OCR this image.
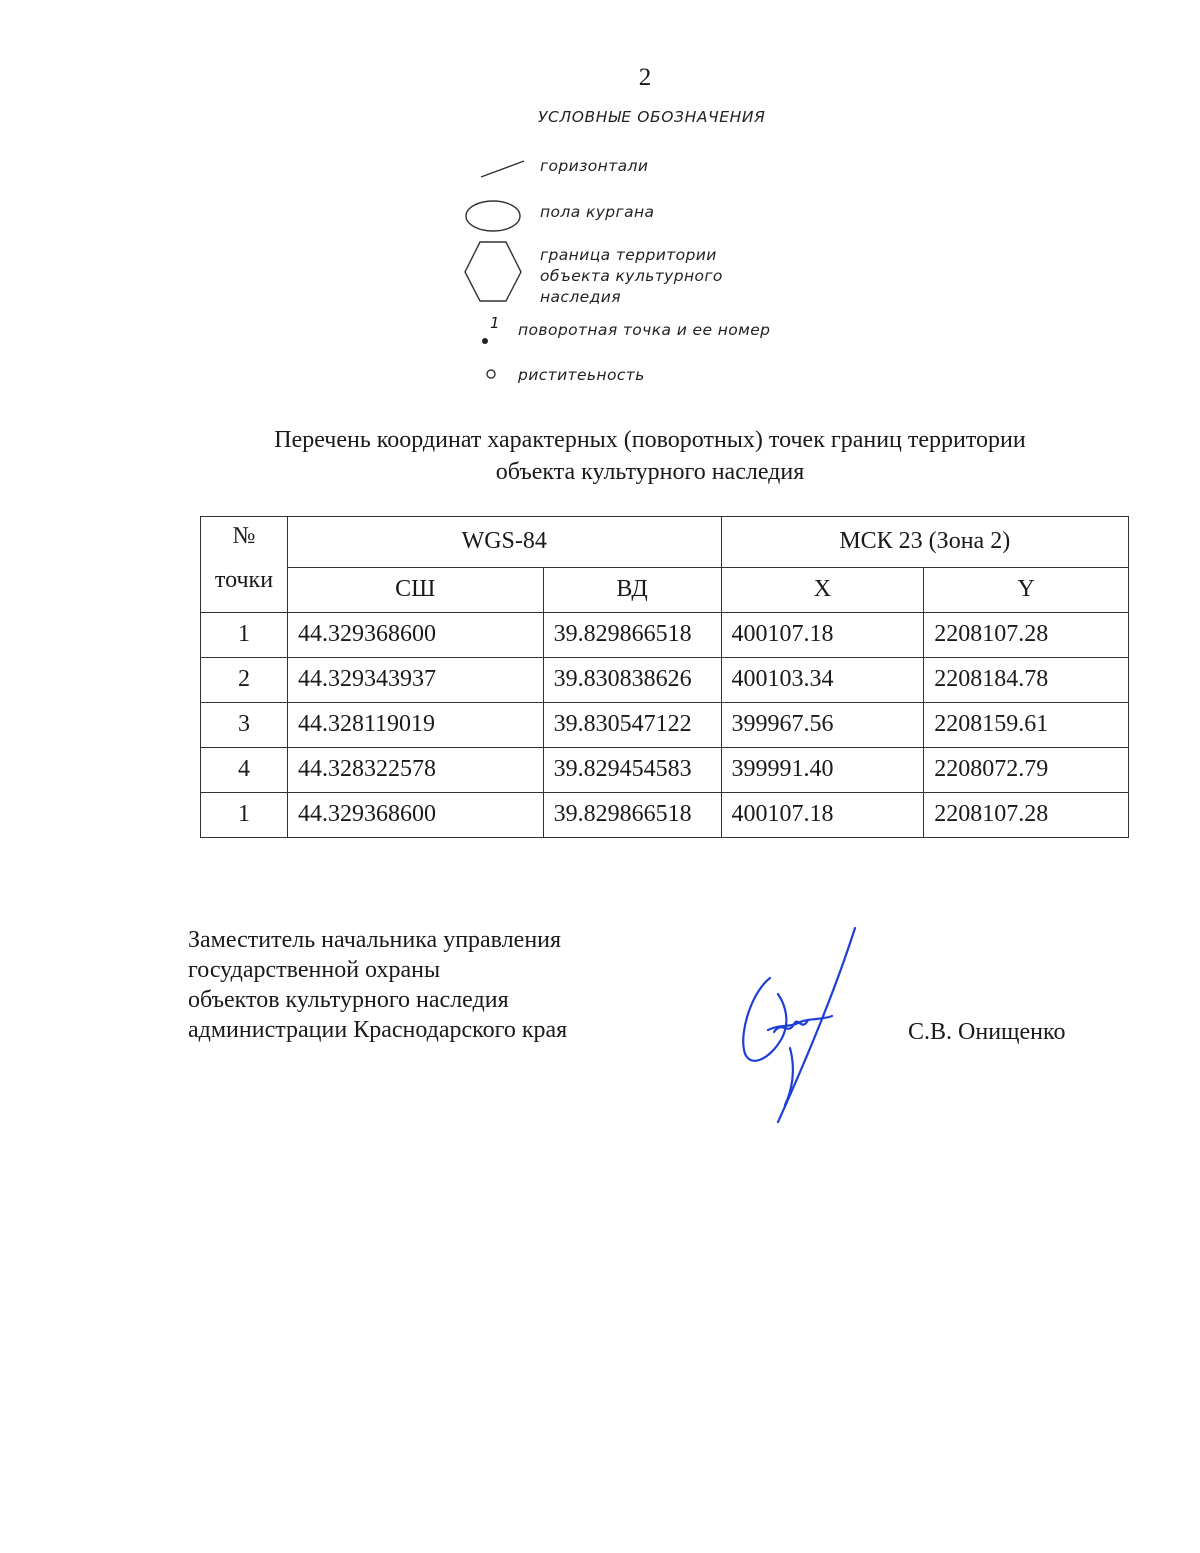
2
УСЛОВНЫЕ ОБОЗНАЧЕНИЯ
горизонтали
пола кургана
граница территории
объекта культурного
наследия
1 поворотная точка и ее номер
риститеьность
Перечень координат характерных (поворотных) точек границ территории
объекта культурного наследия
№	WGS-84		МСК 23 (Зона 2)	
точки	СШ	ВД	X	Y
1	44.329368600	39.829866518	400107.18	2208107.28
2	44.329343937	39.830838626	400103.34	2208184.78
3	44.328119019	39.830547122	399967.56	2208159.61
4	44.328322578	39.829454583	399991.40	2208072.79
1	44.329368600	39.829866518	400107.18	2208107.28
Заместитель начальника управления
государственной охраны
объектов культурного наследия
администрации Краснодарского края	С.В. Онищенко
